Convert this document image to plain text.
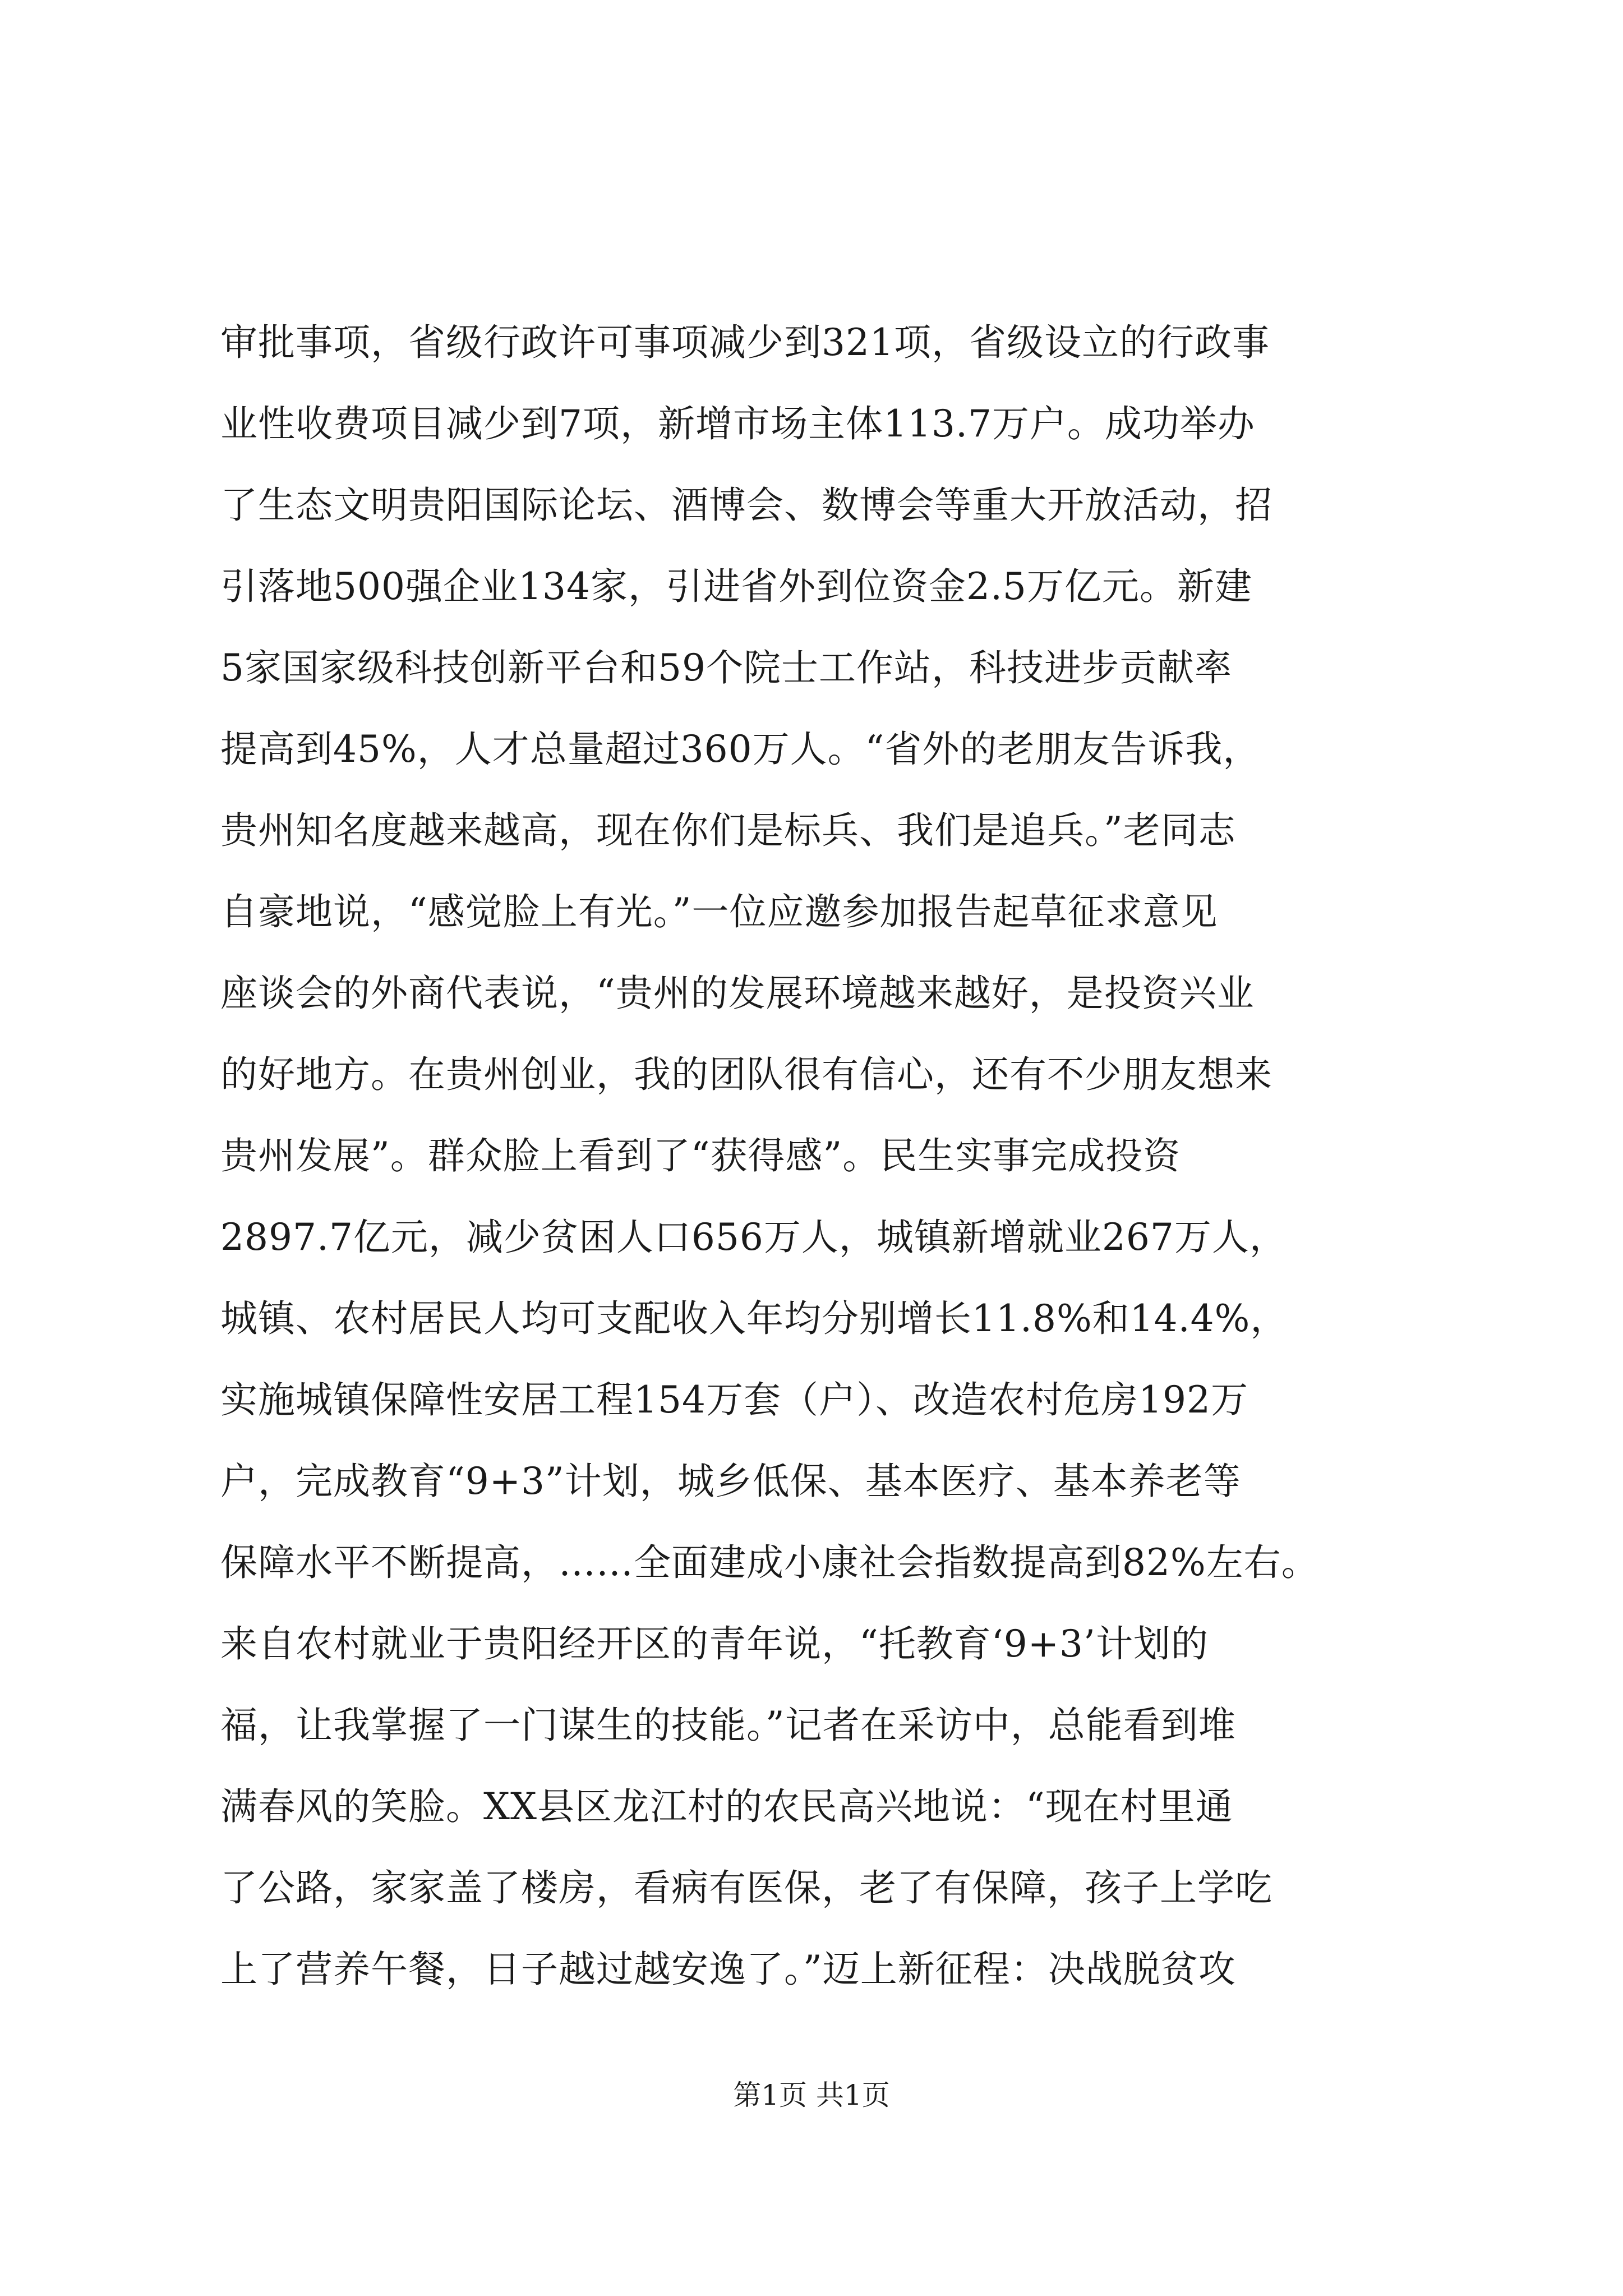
审批事项，省级行政许可事项减少到321项，省级设立的行政事
业性收费项目减少到7项，新增市场主体113.7万户。成功举办
了生态文明贵阳国际论坛、酒博会、数博会等重大开放活动，招
引落地500强企业134家，引进省外到位资金2.5万亿元。新建
5家国家级科技创新平台和59个院士工作站，科技进步贡献率
提高到45%，人才总量超过360万人。“省外的老朋友告诉我，
贵州知名度越来越高，现在你们是标兵、我们是追兵。”老同志
自豪地说，“感觉脸上有光。”一位应邀参加报告起草征求意见
座谈会的外商代表说，“贵州的发展环境越来越好，是投资兴业
的好地方。在贵州创业，我的团队很有信心，还有不少朋友想来
贵州发展”。群众脸上看到了“获得感”。民生实事完成投资
2897.7亿元，减少贫困人口656万人，城镇新增就业267万人，
城镇、农村居民人均可支配收入年均分别增长11.8%和14.4%，
实施城镇保障性安居工程154万套（户）、改造农村危房192万
户，完成教育“9+3”计划，城乡低保、基本医疗、基本养老等
保障水平不断提高，……全面建成小康社会指数提高到82%左右。
来自农村就业于贵阳经开区的青年说，“托教育‘9+3’计划的
福，让我掌握了一门谋生的技能。”记者在采访中，总能看到堆
满春风的笑脸。XX县区龙江村的农民高兴地说：“现在村里通
了公路，家家盖了楼房，看病有医保，老了有保障，孩子上学吃
上了营养午餐，日子越过越安逸了。”迈上新征程：决战脱贫攻
第1页 共1页
